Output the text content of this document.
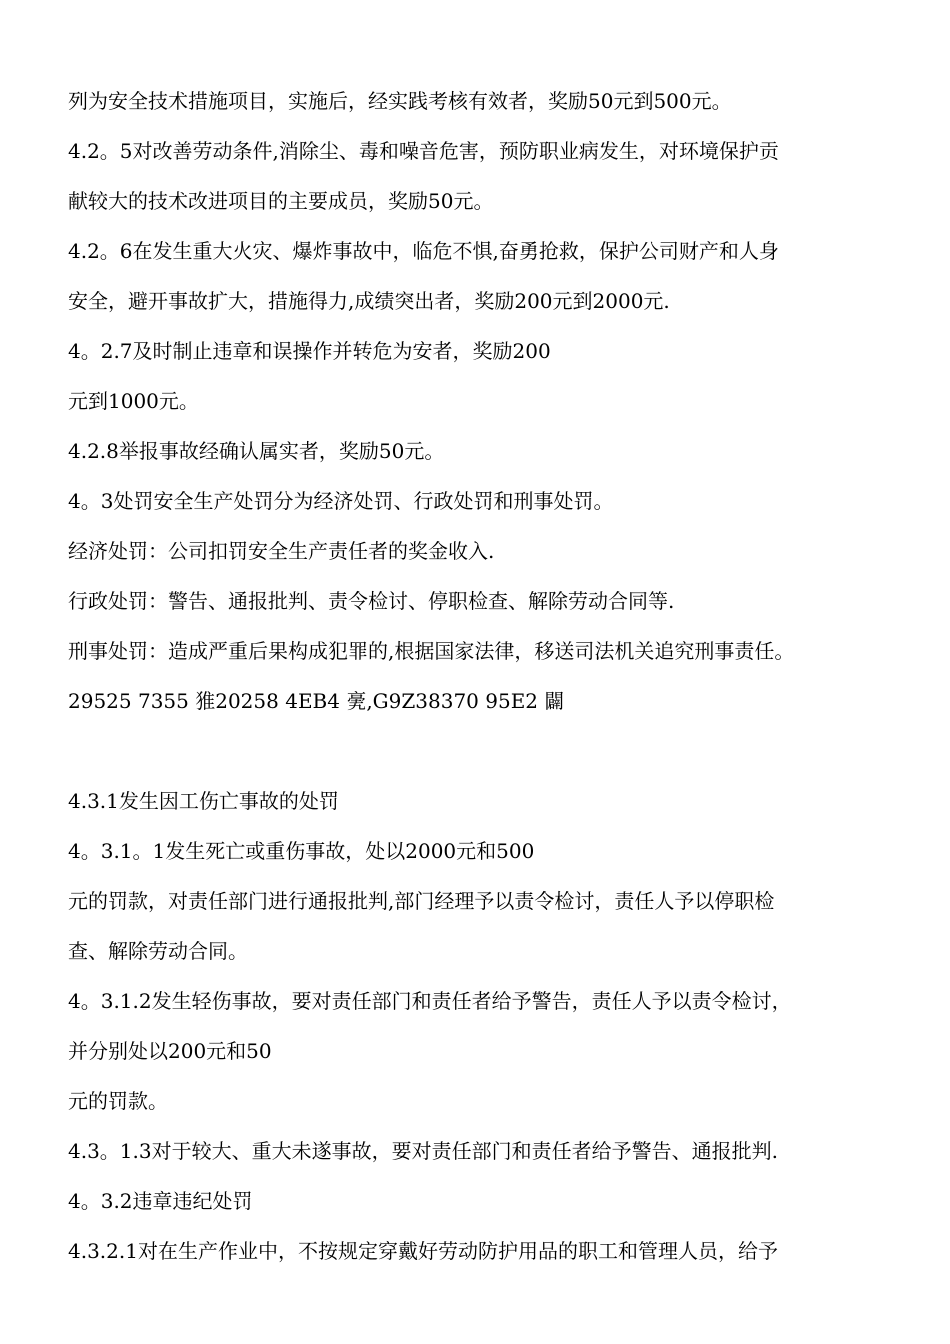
列为安全技术措施项目，实施后，经实践考核有效者，奖励50元到500元。
4.2。5对改善劳动条件,消除尘、毒和噪音危害，预防职业病发生，对环境保护贡
献较大的技术改进项目的主要成员，奖励50元。
4.2。6在发生重大火灾、爆炸事故中，临危不惧,奋勇抢救，保护公司财产和人身
安全，避开事故扩大，措施得力,成绩突出者，奖励200元到2000元.
4。2.7及时制止违章和误操作并转危为安者，奖励200
元到1000元。
4.2.8举报事故经确认属实者，奖励50元。
4。3处罚安全生产处罚分为经济处罚、行政处罚和刑事处罚。
经济处罚：公司扣罚安全生产责任者的奖金收入.
行政处罚：警告、通报批判、责令检讨、停职检查、解除劳动合同等.
刑事处罚：造成严重后果构成犯罪的,根据国家法律，移送司法机关追究刑事责任。
29525 7355 猚20258 4EB4 亴,G9Z38370 95E2 闢
4.3.1发生因工伤亡事故的处罚
4。3.1。1发生死亡或重伤事故，处以2000元和500
元的罚款，对责任部门进行通报批判,部门经理予以责令检讨，责任人予以停职检
查、解除劳动合同。
4。3.1.2发生轻伤事故，要对责任部门和责任者给予警告，责任人予以责令检讨，
并分别处以200元和50
元的罚款。
4.3。1.3对于较大、重大未遂事故，要对责任部门和责任者给予警告、通报批判.
4。3.2违章违纪处罚
4.3.2.1对在生产作业中，不按规定穿戴好劳动防护用品的职工和管理人员，给予
